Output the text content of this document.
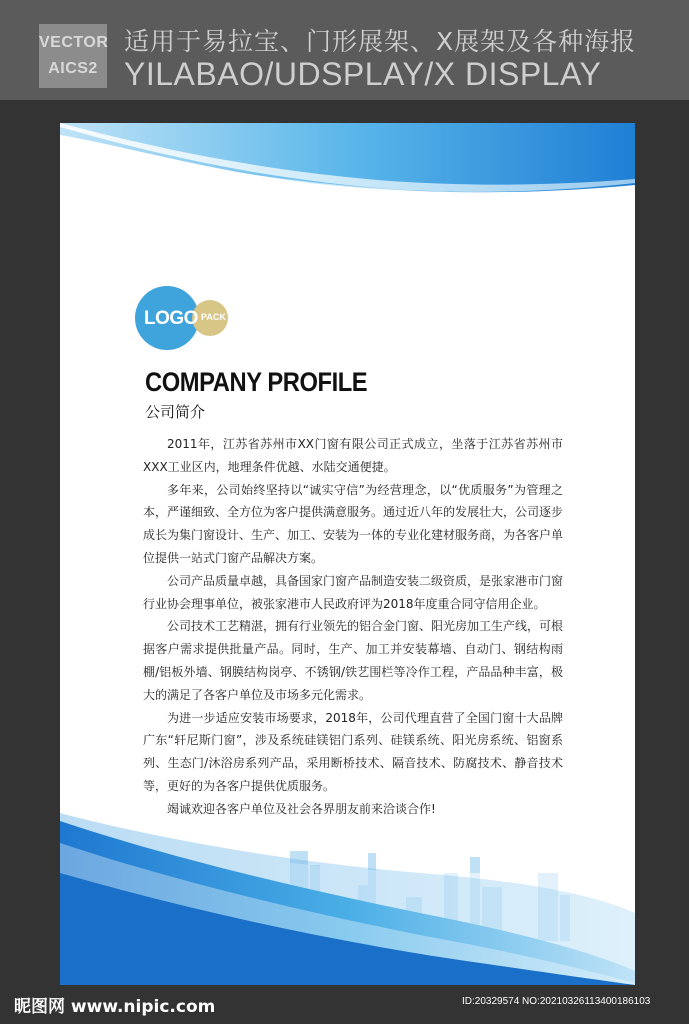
VECTOR
AICS2
适用于易拉宝、门形展架、X展架及各种海报
YILABAO/UDSPLAY/X DISPLAY
LOGO PACK
COMPANY PROFILE
公司简介

2011年，江苏省苏州市XX门窗有限公司正式成立，坐落于江苏省苏州市XXX工业区内，地理条件优越、水陆交通便捷。

多年来，公司始终坚持以“诚实守信”为经营理念，以“优质服务”为管理之本，严谨细致、全方位为客户提供满意服务。通过近八年的发展壮大，公司逐步成长为集门窗设计、生产、加工、安装为一体的专业化建材服务商，为各客户单位提供一站式门窗产品解决方案。

公司产品质量卓越，具备国家门窗产品制造安装二级资质，是张家港市门窗行业协会理事单位，被张家港市人民政府评为2018年度重合同守信用企业。

公司技术工艺精湛，拥有行业领先的铝合金门窗、阳光房加工生产线，可根据客户需求提供批量产品。同时，生产、加工并安装幕墙、自动门、钢结构雨棚/铝板外墙、钢膜结构岗亭、不锈钢/铁艺围栏等冷作工程，产品品种丰富，极大的满足了各客户单位及市场多元化需求。

为进一步适应安装市场要求，2018年，公司代理直营了全国门窗十大品牌广东“轩尼斯门窗”，涉及系统硅镁铝门系列、硅镁系统、阳光房系统、铝窗系列、生态门/沐浴房系列产品，采用断桥技术、隔音技术、防腐技术、静音技术等，更好的为各客户提供优质服务。

竭诚欢迎各客户单位及社会各界朋友前来洽谈合作!

昵图网 www.nipic.com	ID:20329574 NO:20210326113400186103
